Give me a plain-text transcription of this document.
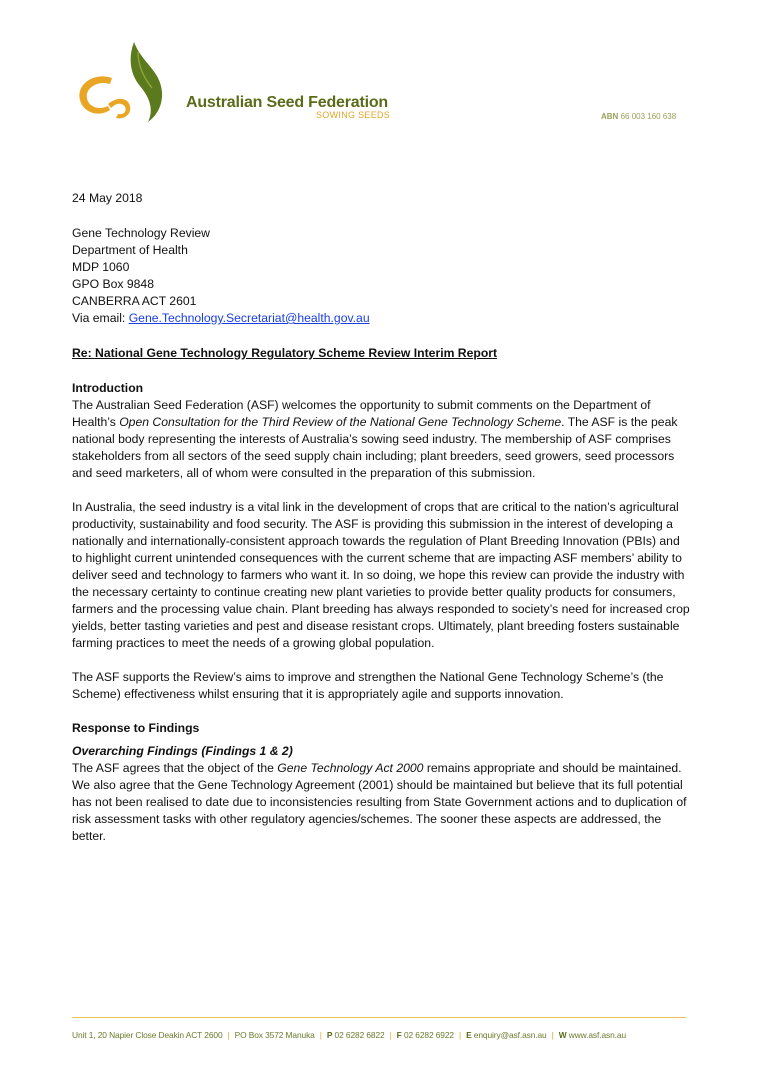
Australian Seed Federation
SOWING SEEDS	ABN 66 003 160 638

24 May 2018

Gene Technology Review
Department of Health
MDP 1060
GPO Box 9848
CANBERRA ACT 2601
Via email: Gene.Technology.Secretariat@health.gov.au

Re: National Gene Technology Regulatory Scheme Review Interim Report

Introduction

The Australian Seed Federation (ASF) welcomes the opportunity to submit comments on the Department of Health’s Open Consultation for the Third Review of the National Gene Technology Scheme. The ASF is the peak national body representing the interests of Australia’s sowing seed industry. The membership of ASF comprises stakeholders from all sectors of the seed supply chain including; plant breeders, seed growers, seed processors and seed marketers, all of whom were consulted in the preparation of this submission.

In Australia, the seed industry is a vital link in the development of crops that are critical to the nation’s agricultural productivity, sustainability and food security. The ASF is providing this submission in the interest of developing a nationally and internationally-consistent approach towards the regulation of Plant Breeding Innovation (PBIs) and to highlight current unintended consequences with the current scheme that are impacting ASF members’ ability to deliver seed and technology to farmers who want it. In so doing, we hope this review can provide the industry with the necessary certainty to continue creating new plant varieties to provide better quality products for consumers, farmers and the processing value chain. Plant breeding has always responded to society’s need for increased crop yields, better tasting varieties and pest and disease resistant crops. Ultimately, plant breeding fosters sustainable farming practices to meet the needs of a growing global population.

The ASF supports the Review’s aims to improve and strengthen the National Gene Technology Scheme’s (the Scheme) effectiveness whilst ensuring that it is appropriately agile and supports innovation.

Response to Findings

Overarching Findings (Findings 1 & 2)

The ASF agrees that the object of the Gene Technology Act 2000 remains appropriate and should be maintained. We also agree that the Gene Technology Agreement (2001) should be maintained but believe that its full potential has not been realised to date due to inconsistencies resulting from State Government actions and to duplication of risk assessment tasks with other regulatory agencies/schemes. The sooner these aspects are addressed, the better.

Unit 1, 20 Napier Close Deakin ACT 2600 | PO Box 3572 Manuka | P 02 6282 6822 | F 02 6282 6922 | E enquiry@asf.asn.au | W www.asf.asn.au
